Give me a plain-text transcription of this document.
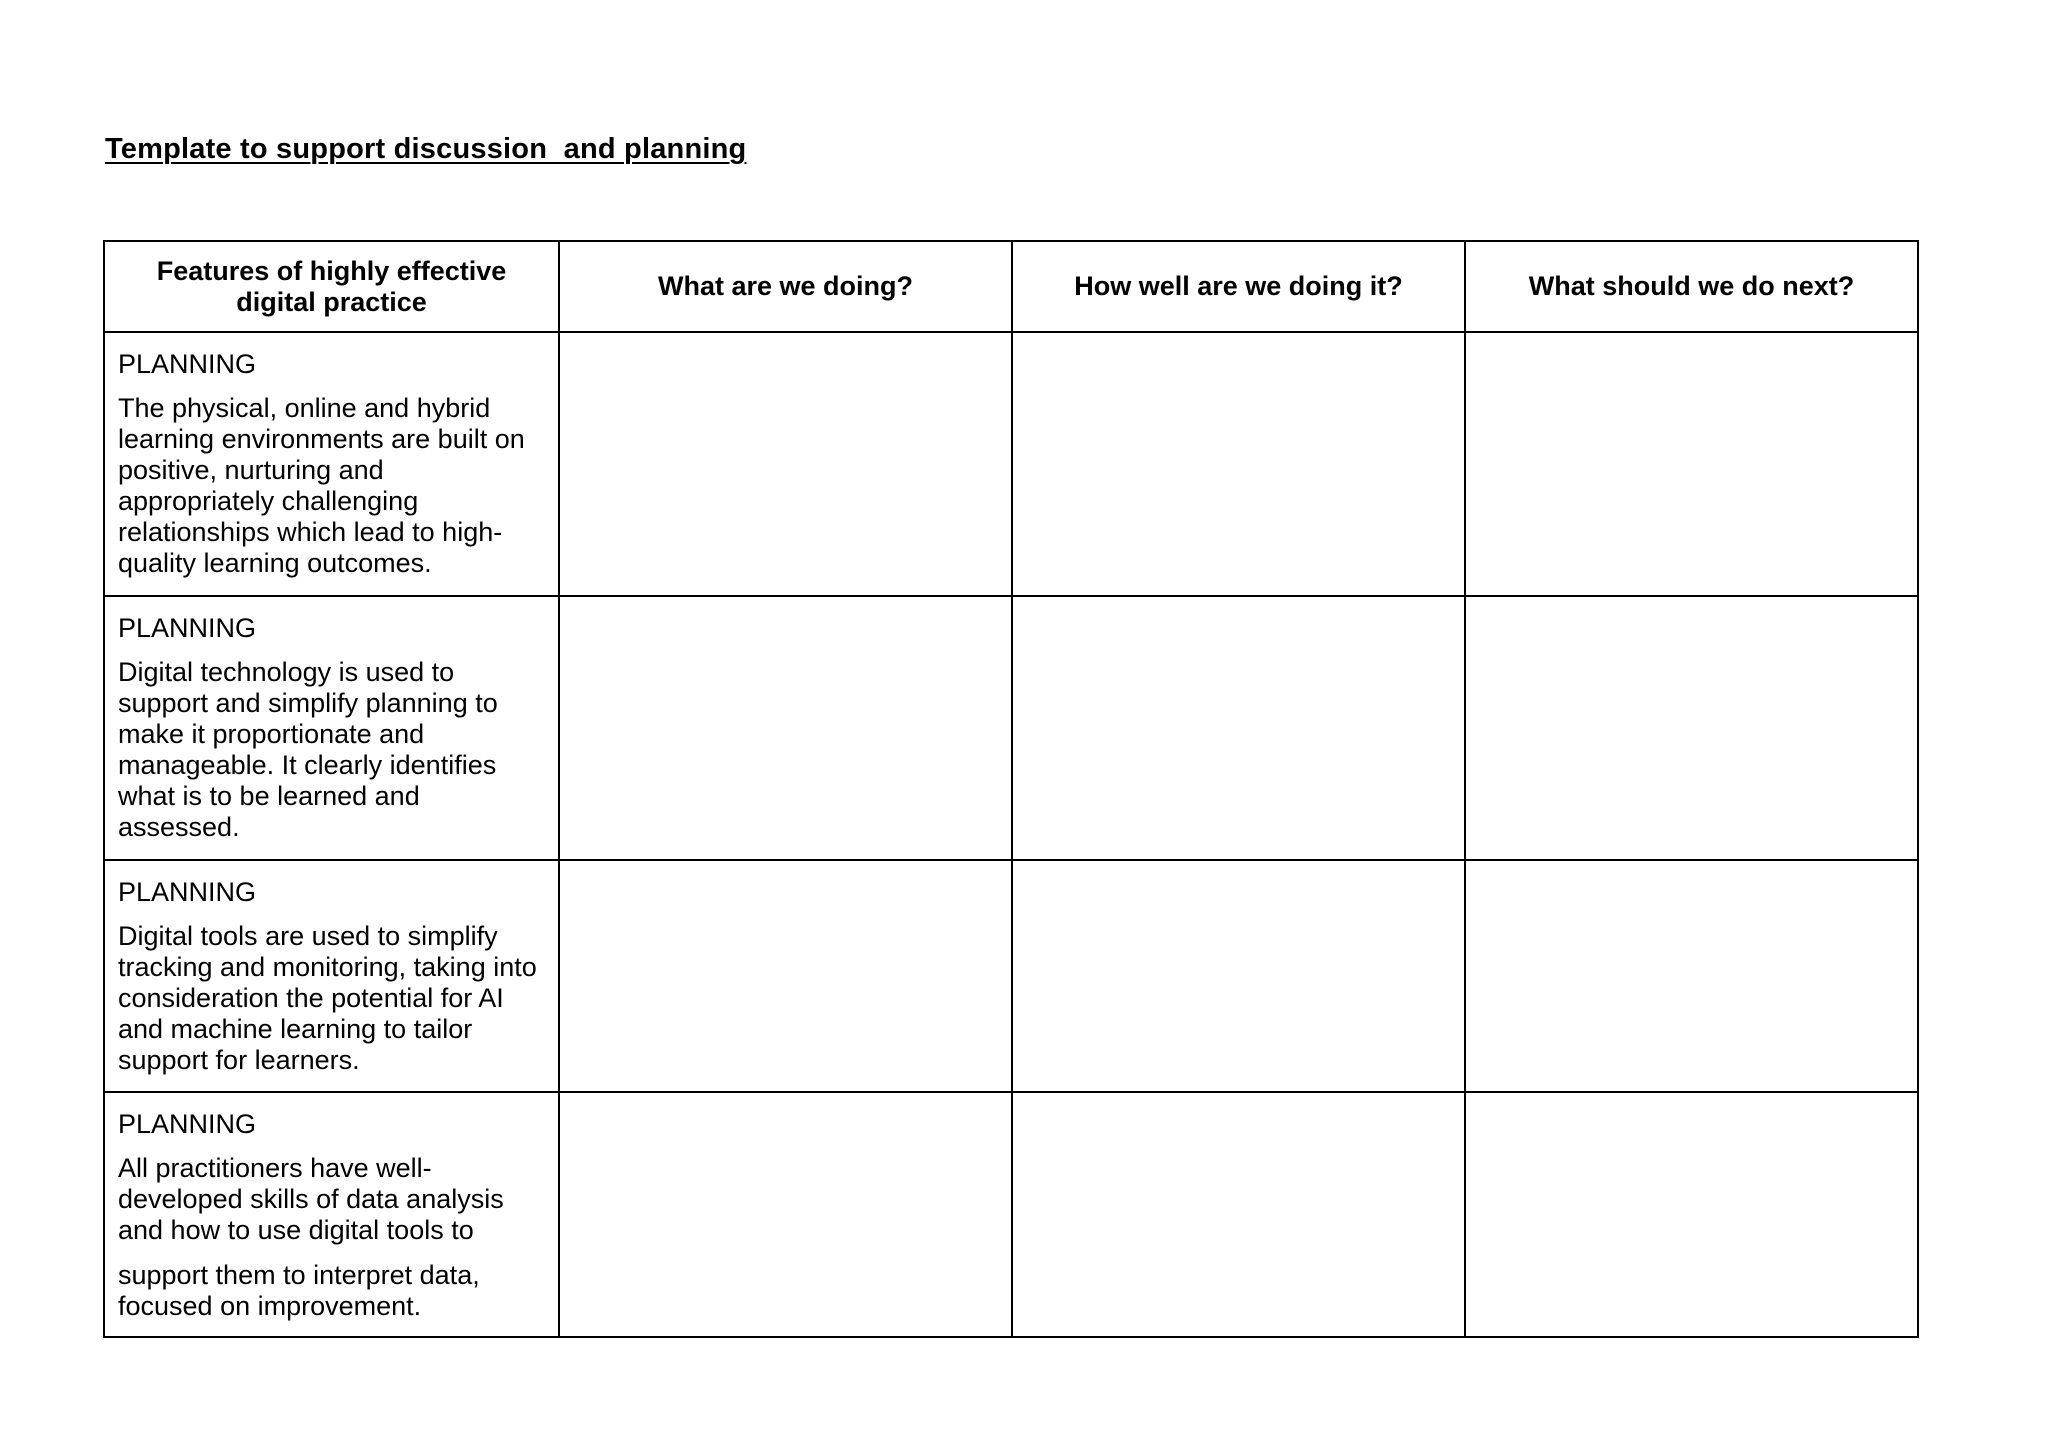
Template to support discussion  and planning
Features of highly effective digital practice	What are we doing?	How well are we doing it?	What should we do next?

PLANNING
The physical, online and hybrid learning environments are built on positive, nurturing and appropriately challenging relationships which lead to high-quality learning outcomes.			

PLANNING
Digital technology is used to support and simplify planning to make it proportionate and manageable. It clearly identifies what is to be learned and assessed.			

PLANNING
Digital tools are used to simplify tracking and monitoring, taking into consideration the potential for AI and machine learning to tailor support for learners.			

PLANNING
All practitioners have well-developed skills of data analysis and how to use digital tools to
support them to interpret data, focused on improvement.			
